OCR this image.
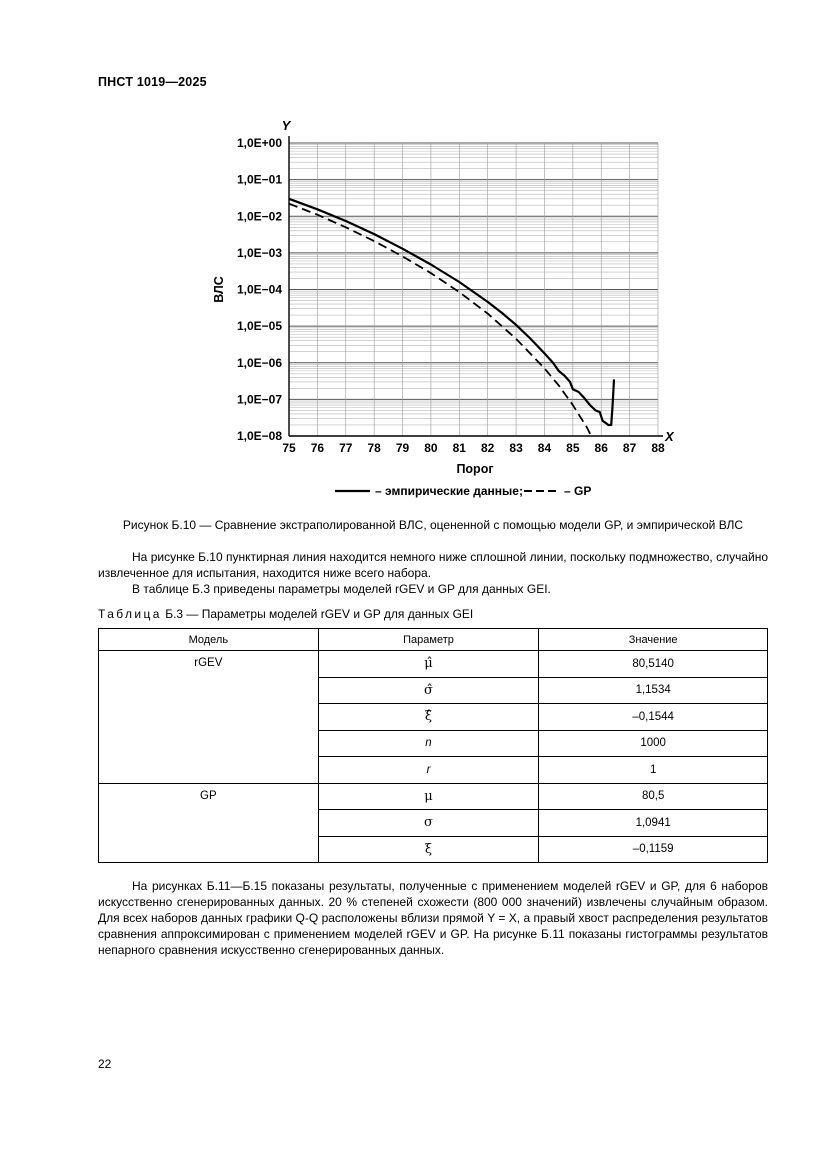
ПНСТ 1019—2025
1,0E+00
1,0E−01
1,0E−02
1,0E−03
1,0E−04
1,0E−05
1,0E−06
1,0E−07
1,0E−08
75 76 77 78 79 80 81 82 83 84 85 86 87 88
Y
X
Порог
ВЛС
– эмпирические данные;	– GP
Рисунок Б.10 — Сравнение экстраполированной ВЛС, оцененной с помощью модели GP, и эмпирической ВЛС

На рисунке Б.10 пунктирная линия находится немного ниже сплошной линии, поскольку подмножество, случайно извлеченное для испытания, находится ниже всего набора.

В таблице Б.3 приведены параметры моделей rGEV и GP для данных GEI.

Таблица Б.3 — Параметры моделей rGEV и GP для данных GEI
Модель	Параметр	Значение
rGEV	μ̂	80,5140
	σ̂	1,1534
	ξ̂	–0,1544
	n	1000
	r	1
GP	μ	80,5
	σ	1,0941
	ξ	–0,1159

На рисунках Б.11—Б.15 показаны результаты, полученные с применением моделей rGEV и GP, для 6 наборов искусственно сгенерированных данных. 20 % степеней схожести (800 000 значений) извлечены случайным образом. Для всех наборов данных графики Q-Q расположены вблизи прямой Y = X, а правый хвост распределения результатов сравнения аппроксимирован с применением моделей rGEV и GP. На рисунке Б.11 показаны гистограммы результатов непарного сравнения искусственно сгенерированных данных.

22
